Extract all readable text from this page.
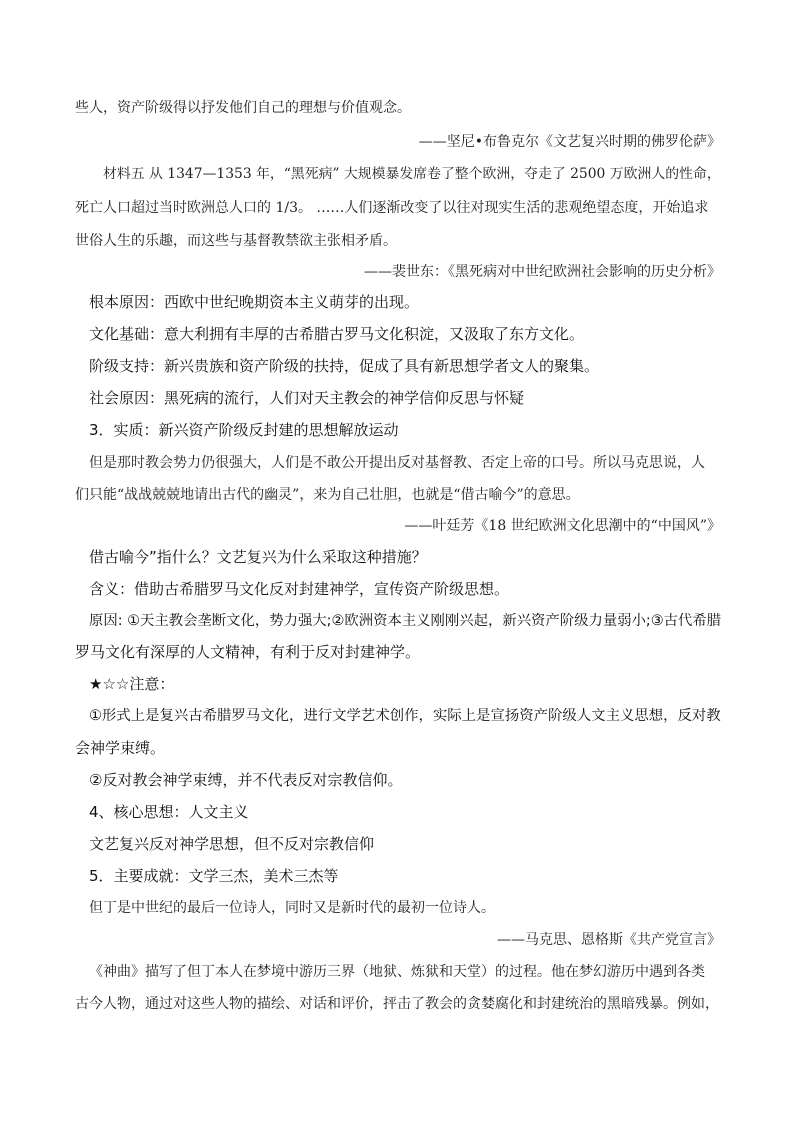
些人，资产阶级得以抒发他们自己的理想与价值观念。
——坚尼•布鲁克尔《文艺复兴时期的佛罗伦萨》
材料五 从 1347—1353 年，“黑死病” 大规模暴发席卷了整个欧洲，夺走了 2500 万欧洲人的性命，
死亡人口超过当时欧洲总人口的 1/3。 ……人们逐渐改变了以往对现实生活的悲观绝望态度，开始追求
世俗人生的乐趣，而这些与基督教禁欲主张相矛盾。
——裴世东：《黑死病对中世纪欧洲社会影响的历史分析》
根本原因：西欧中世纪晚期资本主义萌芽的出现。
文化基础：意大利拥有丰厚的古希腊古罗马文化积淀，又汲取了东方文化。
阶级支持：新兴贵族和资产阶级的扶持，促成了具有新思想学者文人的聚集。
社会原因：黑死病的流行，人们对天主教会的神学信仰反思与怀疑
3．实质：新兴资产阶级反封建的思想解放运动
但是那时教会势力仍很强大，人们是不敢公开提出反对基督教、否定上帝的口号。所以马克思说，人
们只能“战战兢兢地请出古代的幽灵”，来为自己壮胆，也就是“借古喻今”的意思。
——叶廷芳《18 世纪欧洲文化思潮中的“中国风”》
借古喻今”指什么？文艺复兴为什么采取这种措施？
含义：借助古希腊罗马文化反对封建神学，宣传资产阶级思想。
原因: ①天主教会垄断文化，势力强大;②欧洲资本主义刚刚兴起，新兴资产阶级力量弱小;③古代希腊
罗马文化有深厚的人文精神，有利于反对封建神学。
★☆☆注意：
①形式上是复兴古希腊罗马文化，进行文学艺术创作，实际上是宣扬资产阶级人文主义思想，反对教
会神学束缚。
②反对教会神学束缚，并不代表反对宗教信仰。
4、核心思想：人文主义
文艺复兴反对神学思想，但不反对宗教信仰
5．主要成就：文学三杰，美术三杰等
但丁是中世纪的最后一位诗人，同时又是新时代的最初一位诗人。
——马克思、恩格斯《共产党宣言》
《神曲》描写了但丁本人在梦境中游历三界（地狱、炼狱和天堂）的过程。他在梦幻游历中遇到各类
古今人物，通过对这些人物的描绘、对话和评价，抨击了教会的贪婪腐化和封建统治的黑暗残暴。例如，
